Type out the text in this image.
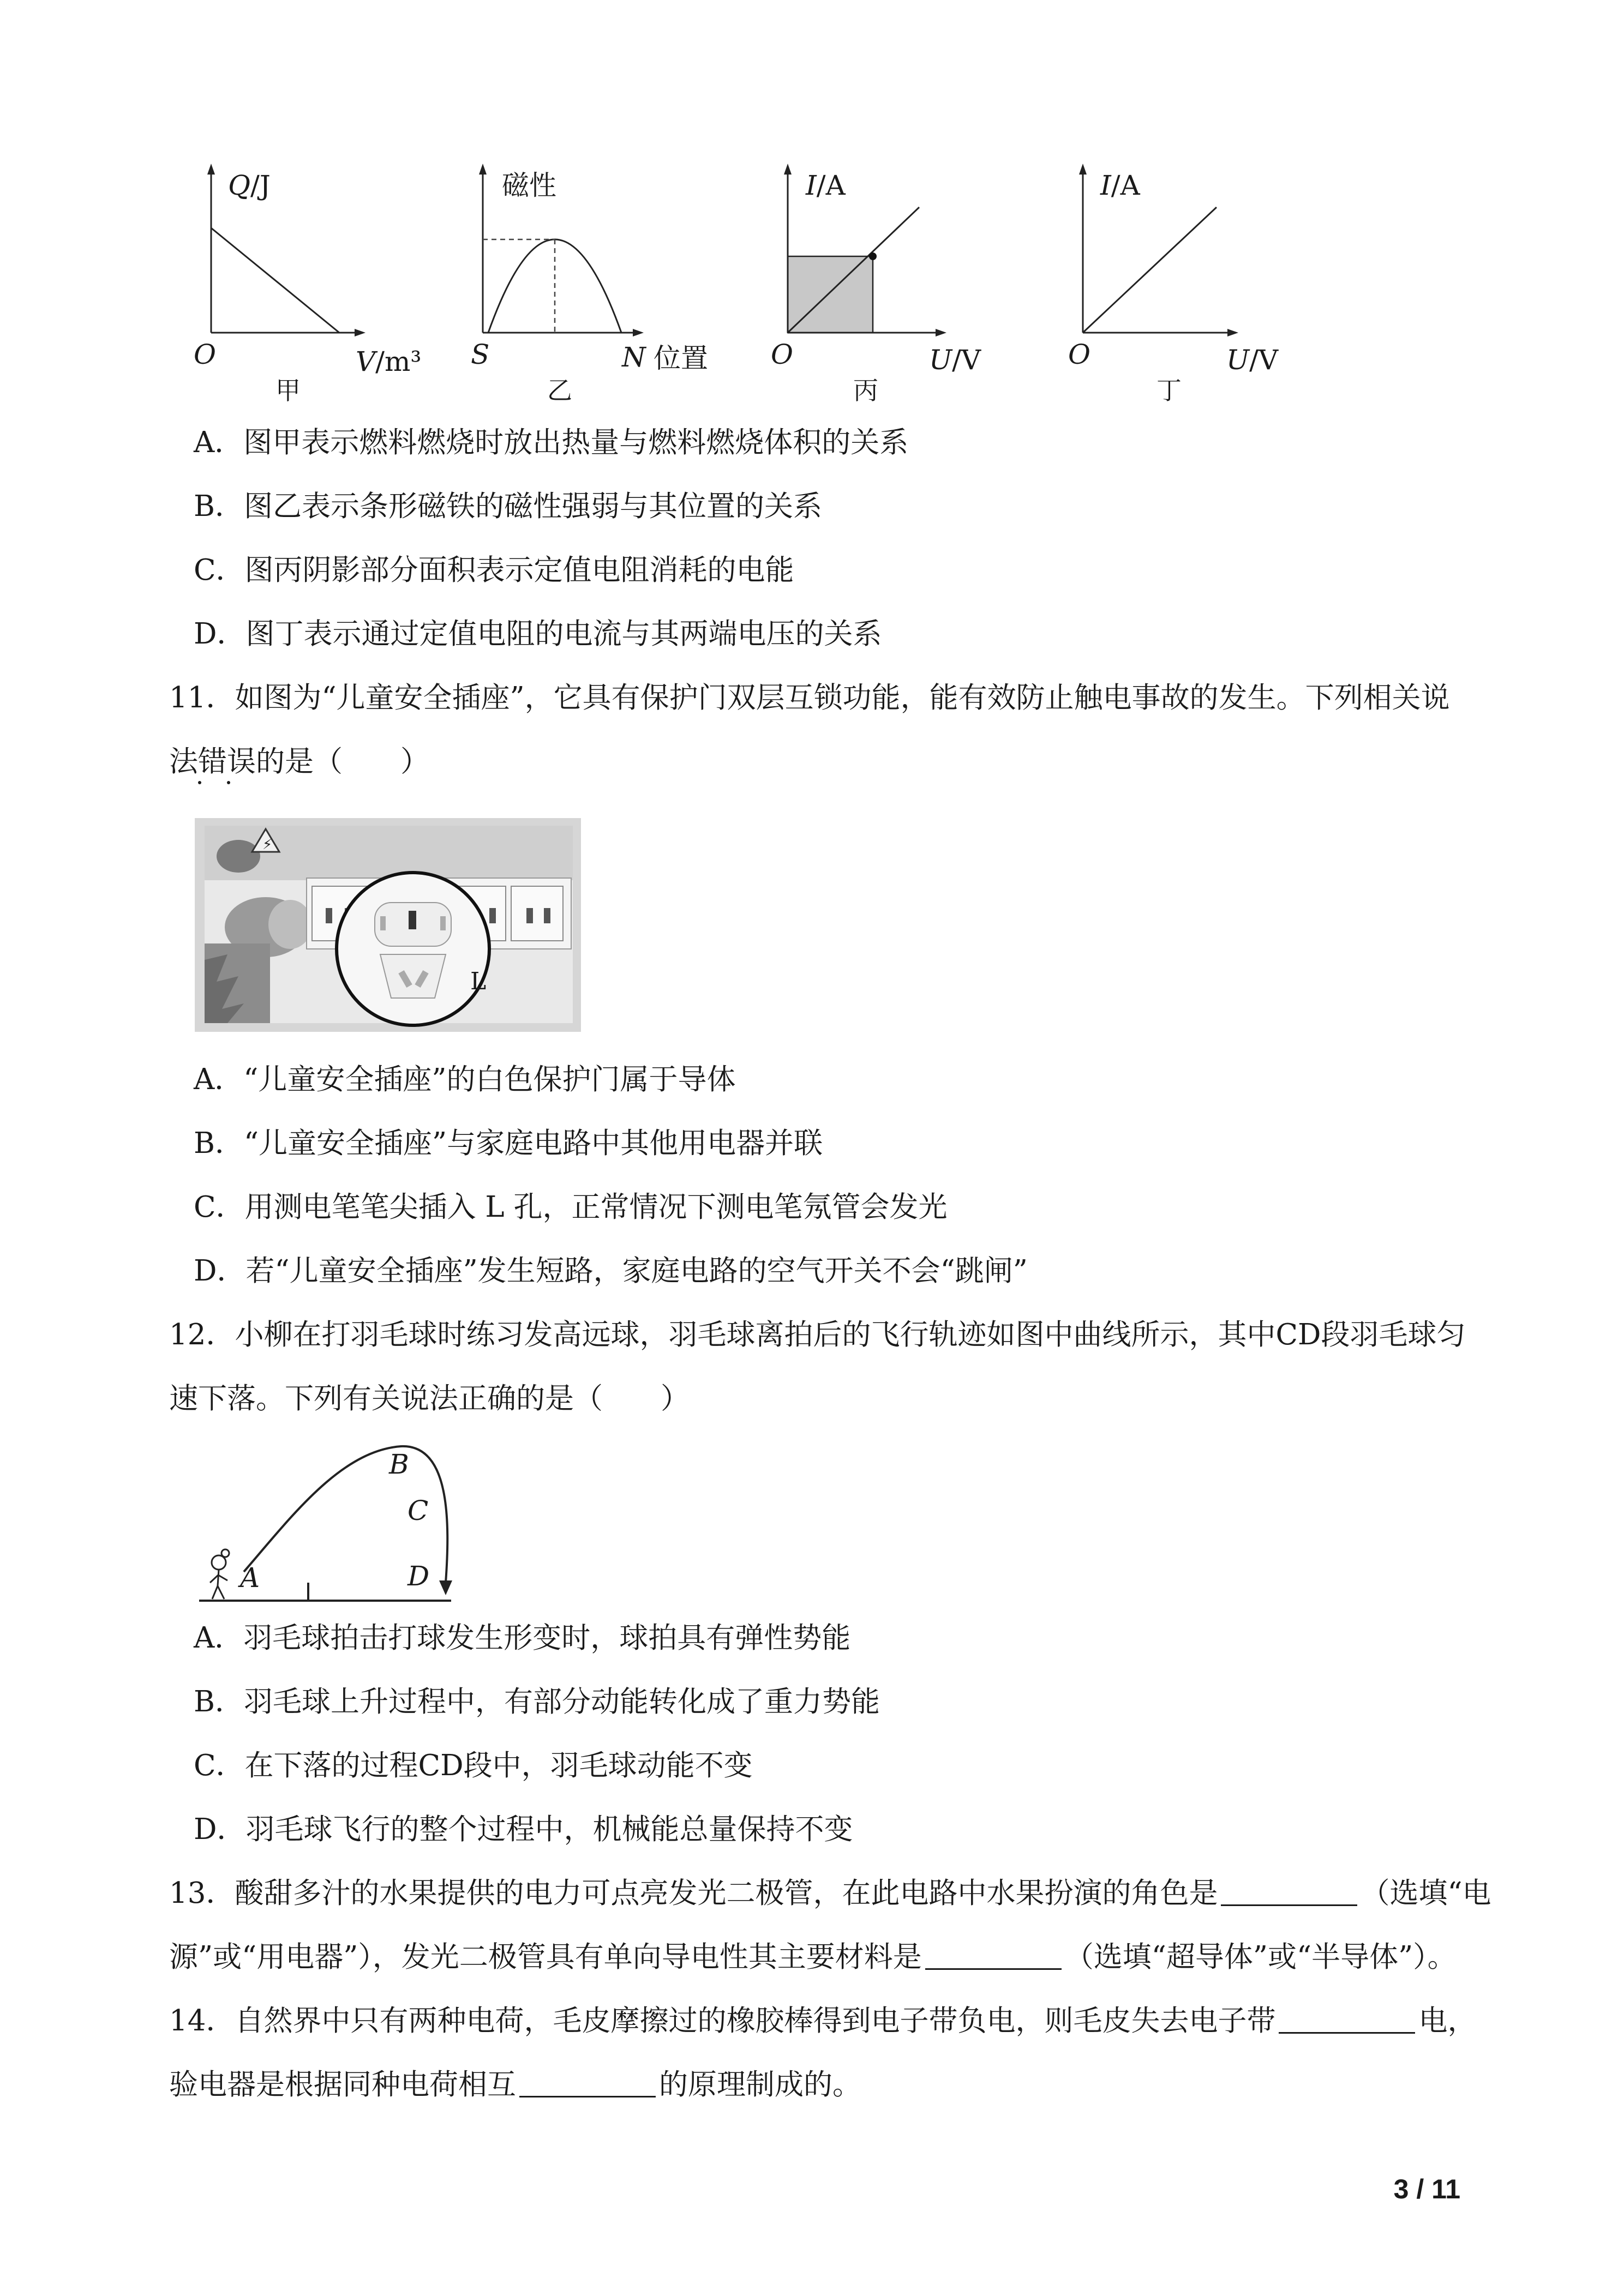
Q/J
O	V/m³
甲
磁性
S	N 位置
乙
I/A
O	U/V
丙
I/A
O	U/V
丁
A．图甲表示燃料燃烧时放出热量与燃料燃烧体积的关系
B．图乙表示条形磁铁的磁性强弱与其位置的关系
C．图丙阴影部分面积表示定值电阻消耗的电能
D．图丁表示通过定值电阻的电流与其两端电压的关系
11．如图为“儿童安全插座”，它具有保护门双层互锁功能，能有效防止触电事故的发生。下列相关说
法错误的是（　　）
⚡
L
A．“儿童安全插座”的白色保护门属于导体
B．“儿童安全插座”与家庭电路中其他用电器并联
C．用测电笔笔尖插入 L 孔，正常情况下测电笔氖管会发光
D．若“儿童安全插座”发生短路，家庭电路的空气开关不会“跳闸”
12．小柳在打羽毛球时练习发高远球，羽毛球离拍后的飞行轨迹如图中曲线所示，其中CD段羽毛球匀
速下落。下列有关说法正确的是（　　）
A
B
C
D
A．羽毛球拍击打球发生形变时，球拍具有弹性势能
B．羽毛球上升过程中，有部分动能转化成了重力势能
C．在下落的过程CD段中，羽毛球动能不变
D．羽毛球飞行的整个过程中，机械能总量保持不变
13．酸甜多汁的水果提供的电力可点亮发光二极管，在此电路中水果扮演的角色是	（选填“电
源”或“用电器”），发光二极管具有单向导电性其主要材料是	（选填“超导体”或“半导体”）。
14．自然界中只有两种电荷，毛皮摩擦过的橡胶棒得到电子带负电，则毛皮失去电子带	电，
验电器是根据同种电荷相互	的原理制成的。
3 / 11
